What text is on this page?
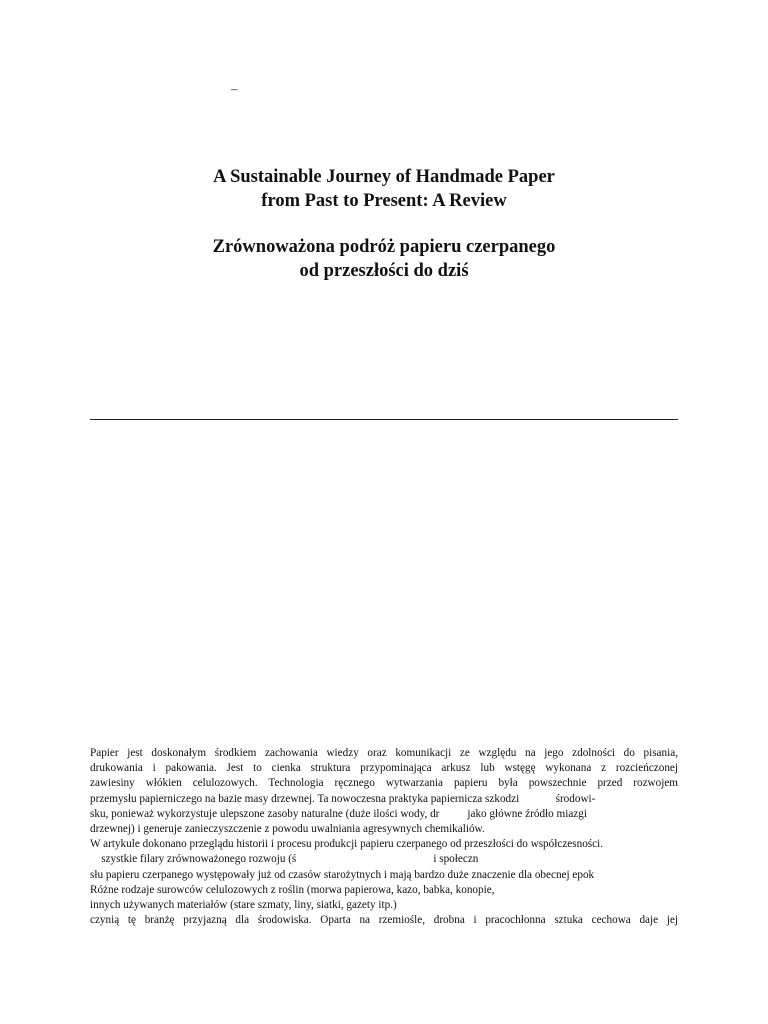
–
A Sustainable Journey of Handmade Paper
from Past to Present: A Review
Zrównoważona podróż papieru czerpanego
od przeszłości do dziś
Papier jest doskonałym środkiem zachowania wiedzy oraz komunikacji ze względu na jego zdolności do pisania,
drukowania i pakowania. Jest to cienka struktura przypominająca arkusz lub wstęgę wykonana z rozcieńczonej
zawiesiny włókien celulozowych. Technologia ręcznego wytwarzania papieru była powszechnie przed rozwojem
przemysłu papierniczego na bazie masy drzewnej. Ta nowoczesna praktyka papiernicza szkodzi             środowi-
sku, ponieważ wykorzystuje ulepszone zasoby naturalne (duże ilości wody, dr          jako główne źródło miazgi
drzewnej) i generuje zanieczyszczenie z powodu uwalniania agresywnych chemikaliów.
W artykule dokonano przeglądu historii i procesu produkcji papieru czerpanego od przeszłości do współczesności.
szystkie filary zrównoważonego rozwoju (ś                                                 i społeczn
słu papieru czerpanego występowały już od czasów starożytnych i mają bardzo duże znaczenie dla obecnej epok
Różne rodzaje surowców celulozowych z roślin (morwa papierowa, kazo, babka, konopie,
innych używanych materiałów (stare szmaty, liny, siatki, gazety itp.)
czynią tę branżę przyjazną dla środowiska. Oparta na rzemiośle, drobna i pracochłonna sztuka cechowa daje jej
